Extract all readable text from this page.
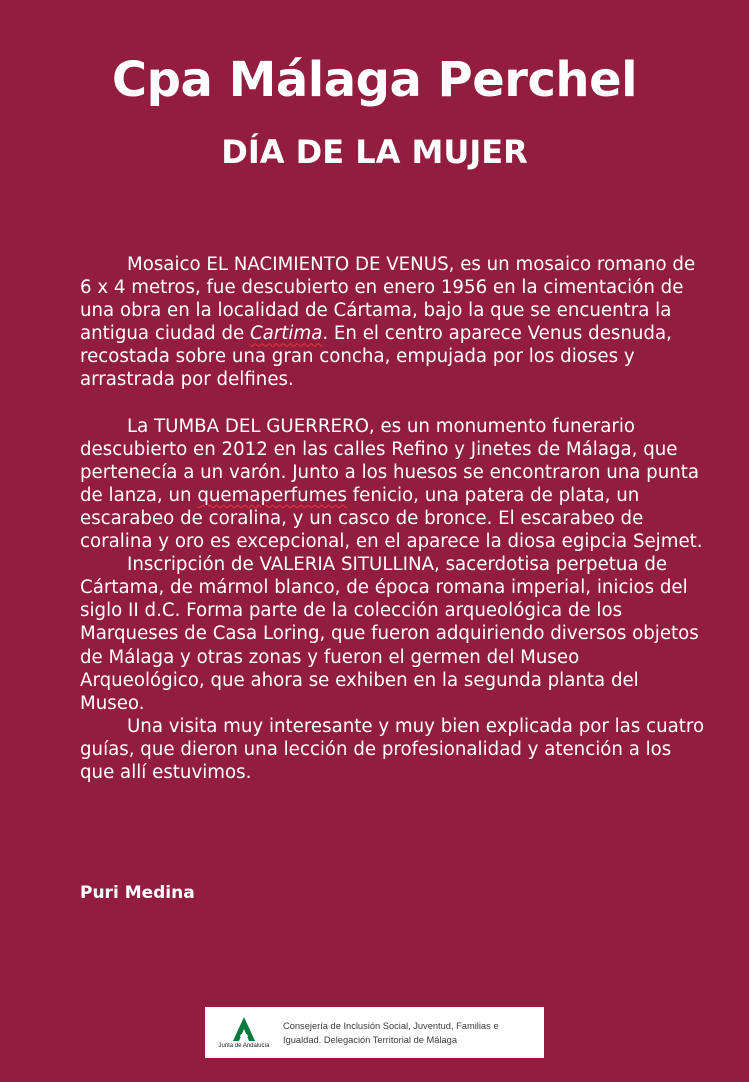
Cpa Málaga Perchel
DÍA DE LA MUJER

Mosaico EL NACIMIENTO DE VENUS, es un mosaico romano de 6 x 4 metros, fue descubierto en enero 1956 en la cimentación de una obra en la localidad de Cártama, bajo la que se encuentra la antigua ciudad de Cartima. En el centro aparece Venus desnuda, recostada sobre una gran concha, empujada por los dioses y arrastrada por delfines.

La TUMBA DEL GUERRERO, es un monumento funerario descubierto en 2012 en las calles Refino y Jinetes de Málaga, que pertenecía a un varón. Junto a los huesos se encontraron una punta de lanza, un quemaperfumes fenicio, una patera de plata, un escarabeo de coralina, y un casco de bronce. El escarabeo de coralina y oro es excepcional, en el aparece la diosa egipcia Sejmet.

Inscripción de VALERIA SITULLINA, sacerdotisa perpetua de Cártama, de mármol blanco, de época romana imperial, inicios del siglo II d.C. Forma parte de la colección arqueológica de los Marqueses de Casa Loring, que fueron adquiriendo diversos objetos de Málaga y otras zonas y fueron el germen del Museo Arqueológico, que ahora se exhiben en la segunda planta del Museo.

Una visita muy interesante y muy bien explicada por las cuatro guías, que dieron una lección de profesionalidad y atención a los que allí estuvimos.

Puri Medina
Junta de Andalucía
Consejería de Inclusión Social, Juventud, Familias e
Igualdad. Delegación Territorial de Málaga
